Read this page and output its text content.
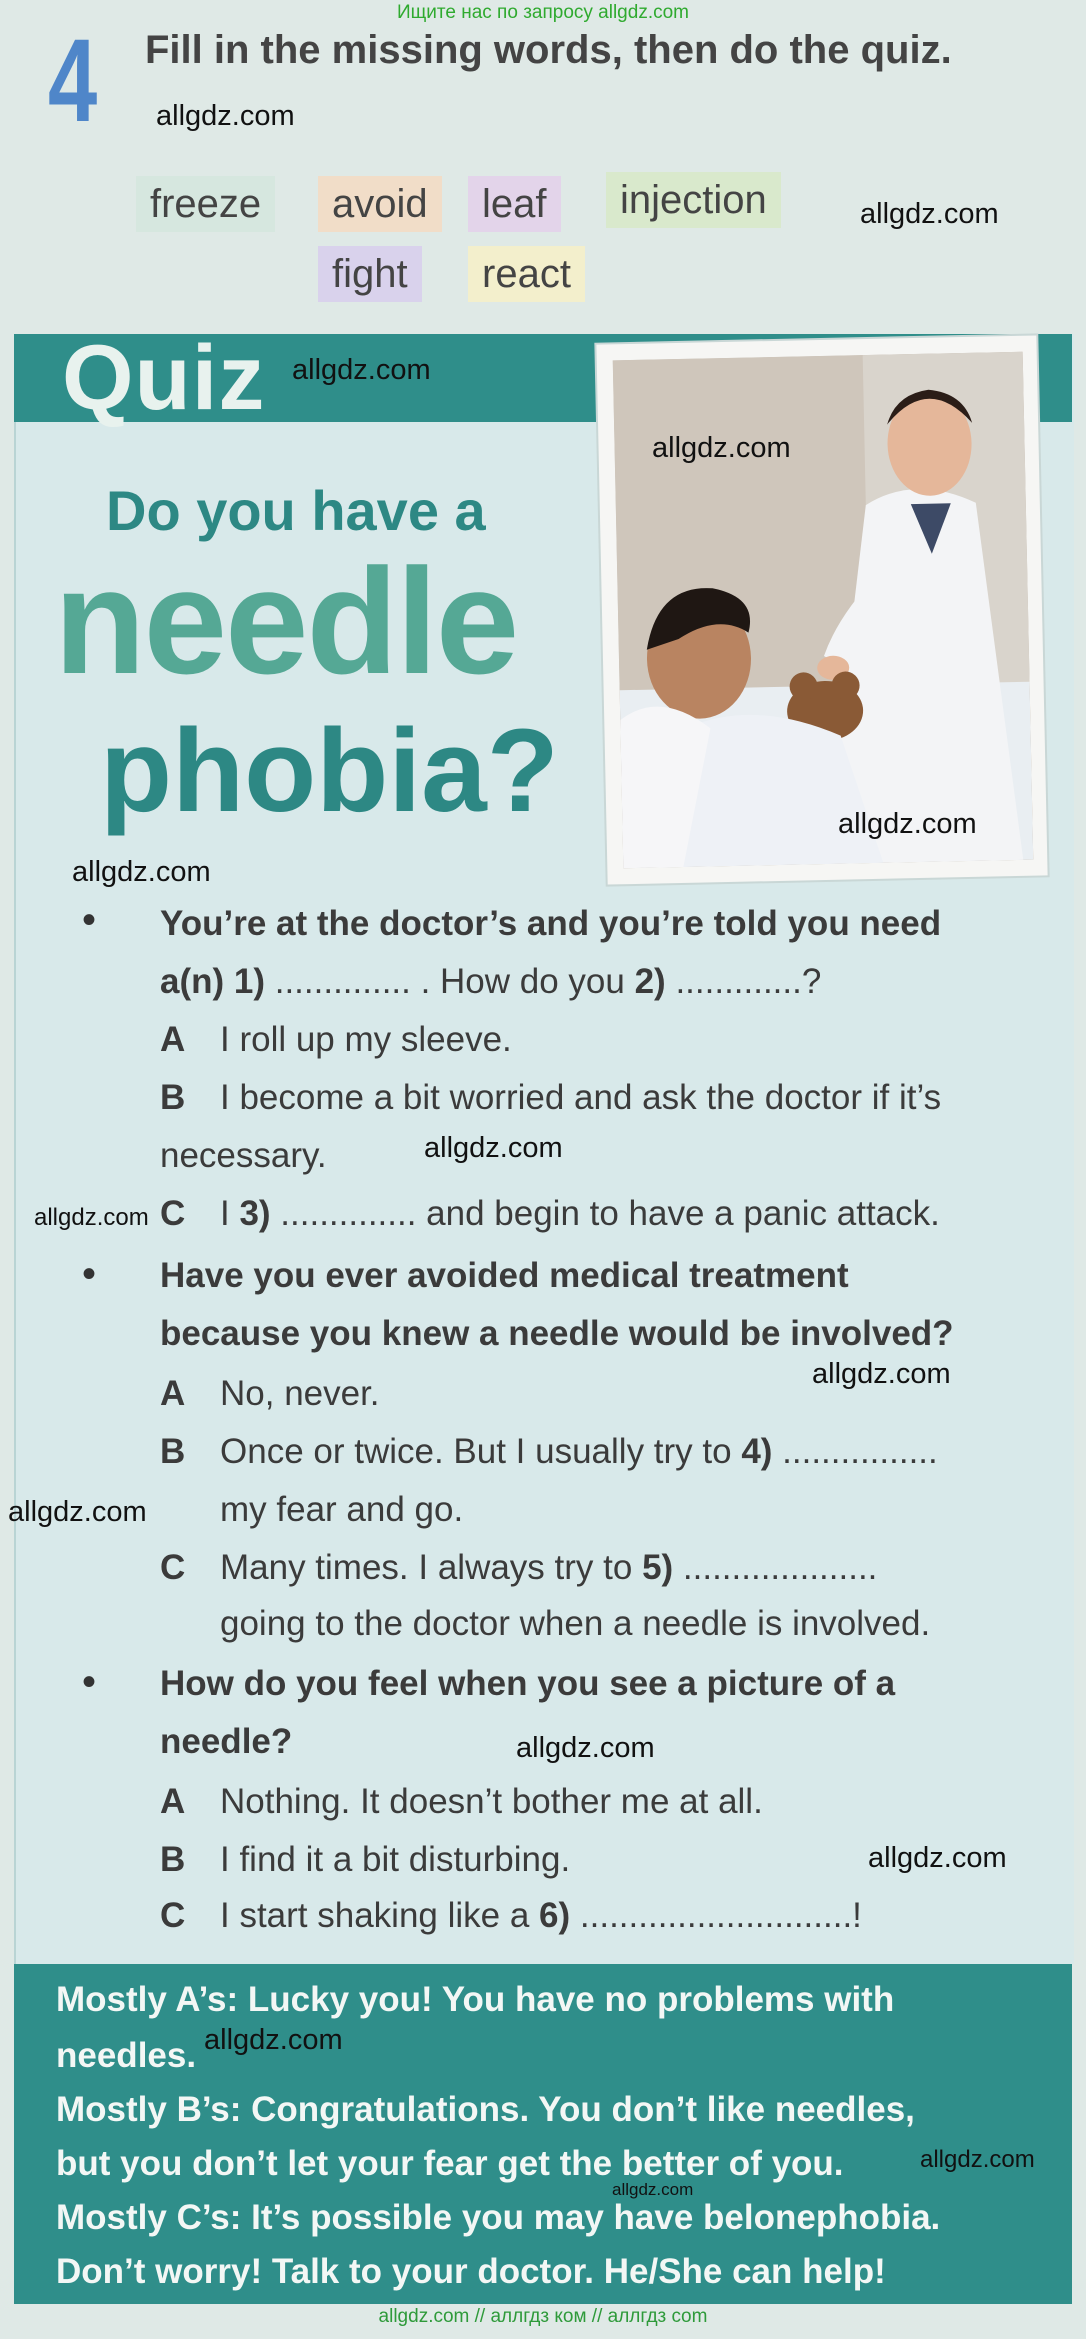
Ищите нас по запросу allgdz.com
4 Fill in the missing words, then do the quiz.
freeze	avoid	leaf	injection
fight	react
Quiz
Do you have a
needle
phobia?
• You’re at the doctor’s and you’re told you need
a(n) 1) .............. . How do you 2) .............?
A I roll up my sleeve.
B I become a bit worried and ask the doctor if it’s
necessary.
C I 3) .............. and begin to have a panic attack.
• Have you ever avoided medical treatment
because you knew a needle would be involved?
A No, never.
B Once or twice. But I usually try to 4) ................
my fear and go.
C Many times. I always try to 5) ....................
going to the doctor when a needle is involved.
• How do you feel when you see a picture of a
needle?
A Nothing. It doesn’t bother me at all.
B I find it a bit disturbing.
C I start shaking like a 6) ............................!
Mostly A’s: Lucky you! You have no problems with
needles.
Mostly B’s: Congratulations. You don’t like needles,
but you don’t let your fear get the better of you.
Mostly C’s: It’s possible you may have belonephobia.
Don’t worry! Talk to your doctor. He/She can help!
allgdz.com
allgdz.com
allgdz.com
allgdz.com
allgdz.com
allgdz.com
allgdz.com
allgdz.com
allgdz.com
allgdz.com
allgdz.com
allgdz.com
allgdz.com
allgdz.com
allgdz.com
allgdz.com // аллгдз ком // аллгдз com
